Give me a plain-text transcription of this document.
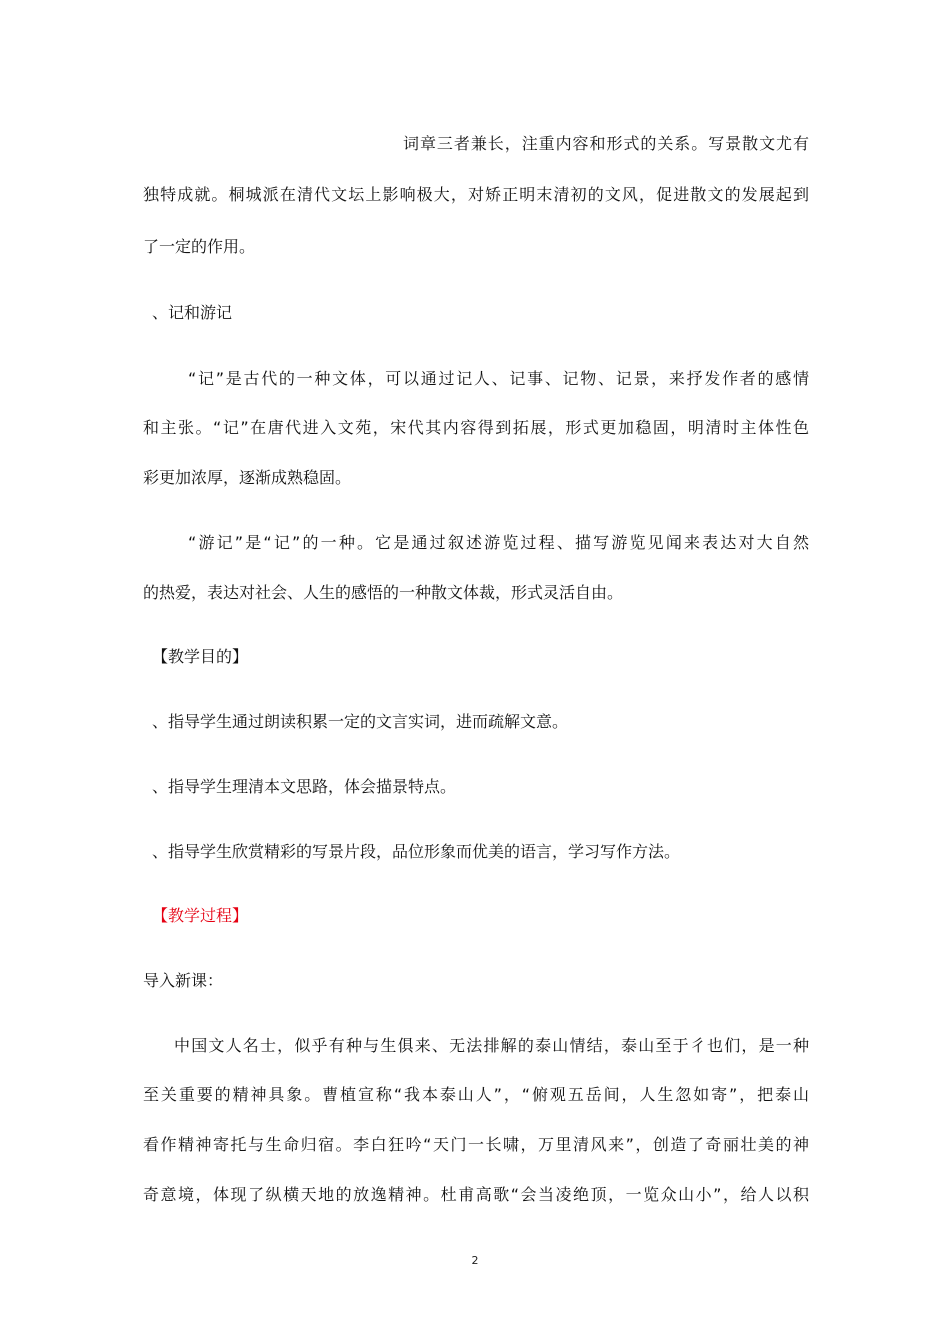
词章三者兼长，注重内容和形式的关系。写景散文尤有
独特成就。桐城派在清代文坛上影响极大，对矫正明末清初的文风，促进散文的发展起到
了一定的作用。
、记和游记
“记”是古代的一种文体，可以通过记人、记事、记物、记景，来抒发作者的感情
和主张。“记”在唐代进入文苑，宋代其内容得到拓展，形式更加稳固，明清时主体性色
彩更加浓厚，逐渐成熟稳固。
“游记”是“记”的一种。它是通过叙述游览过程、描写游览见闻来表达对大自然
的热爱，表达对社会、人生的感悟的一种散文体裁，形式灵活自由。
【教学目的】
、指导学生通过朗读积累一定的文言实词，进而疏解文意。
、指导学生理清本文思路，体会描景特点。
、指导学生欣赏精彩的写景片段，品位形象而优美的语言，学习写作方法。
【教学过程】
导入新课：
中国文人名士，似乎有种与生俱来、无法排解的泰山情结，泰山至于彳也们，是一种
至关重要的精神具象。曹植宣称“我本泰山人”，“俯观五岳间，人生忽如寄”，把泰山
看作精神寄托与生命归宿。李白狂吟“天门一长啸，万里清风来”，创造了奇丽壮美的神
奇意境，体现了纵横天地的放逸精神。杜甫高歌“会当凌绝顶，一览众山小”，给人以积
2
